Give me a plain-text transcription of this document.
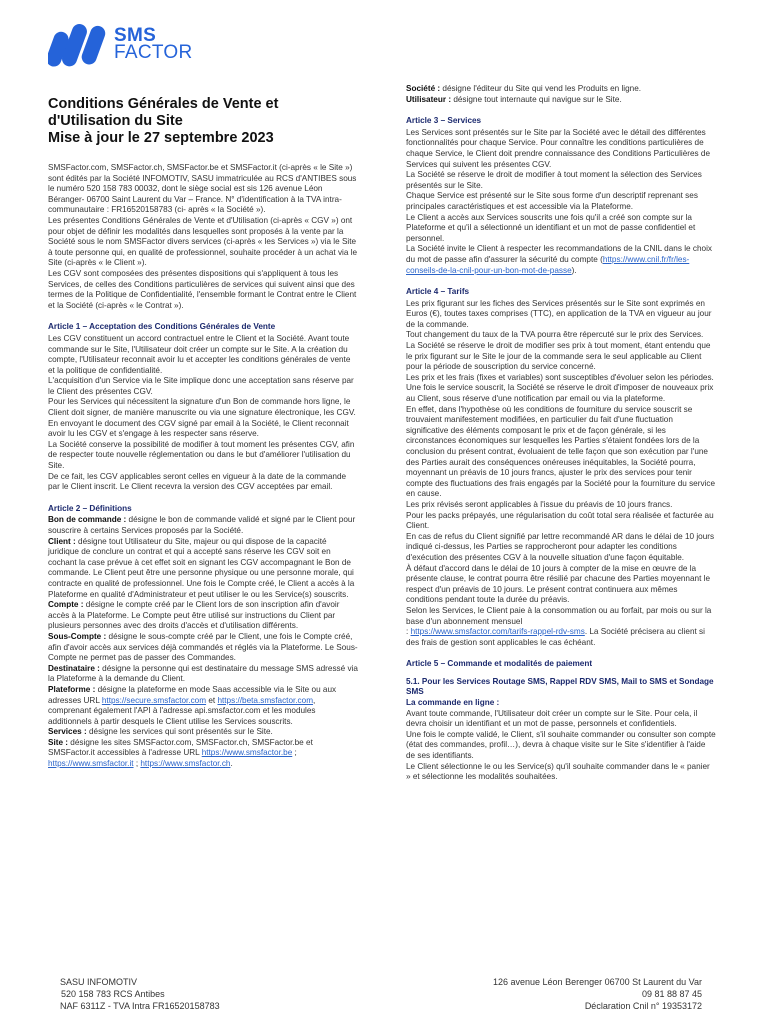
SMS
FACTOR
Conditions Générales de Vente et d'Utilisation du Site
Mise à jour le 27 septembre 2023

SMSFactor.com, SMSFactor.ch, SMSFactor.be et SMSFactor.it (ci-après « le Site ») sont édités par la Société INFOMOTIV, SASU immatriculée au RCS d'ANTIBES sous le numéro 520 158 783 00032, dont le siège social est sis 126 avenue Léon Béranger- 06700 Saint Laurent du Var – France. N° d'identification à la TVA intra-communautaire : FR16520158783 (ci- après « la Société »).

Les présentes Conditions Générales de Vente et d'Utilisation (ci-après « CGV ») ont pour objet de définir les modalités dans lesquelles sont proposés à la vente par la Société sous le nom SMSFactor divers services (ci-après « les Services ») via le Site à toute personne qui, en qualité de professionnel, souhaite procéder à un achat via le Site (ci-après « le Client »).

Les CGV sont composées des présentes dispositions qui s'appliquent à tous les Services, de celles des Conditions particulières de services qui suivent ainsi que des termes de la Politique de Confidentialité, l'ensemble formant le Contrat entre le Client et la Société (ci-après « le Contrat »).

Article 1 – Acceptation des Conditions Générales de Vente

Les CGV constituent un accord contractuel entre le Client et la Société. Avant toute commande sur le Site, l'Utilisateur doit créer un compte sur le Site. A la création du compte, l'Utilisateur reconnait avoir lu et accepter les conditions générales de vente et la politique de confidentialité.

L'acquisition d'un Service via le Site implique donc une acceptation sans réserve par le Client des présentes CGV.

Pour les Services qui nécessitent la signature d'un Bon de commande hors ligne, le Client doit signer, de manière manuscrite ou via une signature électronique, les CGV. En envoyant le document des CGV signé par email à la Société, le Client reconnait avoir lu les CGV et s'engage à les respecter sans réserve.

La Société conserve la possibilité de modifier à tout moment les présentes CGV, afin de respecter toute nouvelle réglementation ou dans le but d'améliorer l'utilisation du Site.

De ce fait, les CGV applicables seront celles en vigueur à la date de la commande par le Client inscrit. Le Client recevra la version des CGV acceptées par email.

Article 2 – Définitions

Bon de commande : désigne le bon de commande validé et signé par le Client pour souscrire à certains Services proposés par la Société.

Client : désigne tout Utilisateur du Site, majeur ou qui dispose de la capacité juridique de conclure un contrat et qui a accepté sans réserve les CGV soit en cochant la case prévue à cet effet soit en signant les CGV accompagnant le Bon de commande. Le Client peut être une personne physique ou une personne morale, qui contracte en qualité de professionnel. Une fois le Compte créé, le Client a accès à la Plateforme en qualité d'Administrateur et peut utiliser le ou les Service(s) souscrits.

Compte : désigne le compte créé par le Client lors de son inscription afin d'avoir accès à la Plateforme. Le Compte peut être utilisé sur instructions du Client par plusieurs personnes avec des droits d'accès et d'utilisation différents.

Sous-Compte : désigne le sous-compte créé par le Client, une fois le Compte créé, afin d'avoir accès aux services déjà commandés et réglés via la Plateforme. Le Sous-Compte ne permet pas de passer des Commandes.

Destinataire : désigne la personne qui est destinataire du message SMS adressé via la Plateforme à la demande du Client.

Plateforme : désigne la plateforme en mode Saas accessible via le Site ou aux adresses URL https://secure.smsfactor.com et https://beta.smsfactor.com, comprenant également l'API à l'adresse api.smsfactor.com et les modules additionnels à partir desquels le Client utilise les Services souscrits.

Services : désigne les services qui sont présentés sur le Site.

Site : désigne les sites SMSFactor.com, SMSFactor.ch, SMSFactor.be et SMSFactor.it accessibles à l'adresse URL https://www.smsfactor.be ; https://www.smsfactor.it ; https://www.smsfactor.ch.

Société : désigne l'éditeur du Site qui vend les Produits en ligne.

Utilisateur : désigne tout internaute qui navigue sur le Site.

Article 3 – Services

Les Services sont présentés sur le Site par la Société avec le détail des différentes fonctionnalités pour chaque Service. Pour connaître les conditions particulières de chaque Service, le Client doit prendre connaissance des Conditions Particulières de Services qui suivent les présentes CGV.

La Société se réserve le droit de modifier à tout moment la sélection des Services présentés sur le Site.

Chaque Service est présenté sur le Site sous forme d'un descriptif reprenant ses principales caractéristiques et est accessible via la Plateforme.

Le Client a accès aux Services souscrits une fois qu'il a créé son compte sur la Plateforme et qu'il a sélectionné un identifiant et un mot de passe confidentiel et personnel.

La Société invite le Client à respecter les recommandations de la CNIL dans le choix du mot de passe afin d'assurer la sécurité du compte (https://www.cnil.fr/fr/les-conseils-de-la-cnil-pour-un-bon-mot-de-passe).

Article 4 – Tarifs

Les prix figurant sur les fiches des Services présentés sur le Site sont exprimés en Euros (€), toutes taxes comprises (TTC), en application de la TVA en vigueur au jour de la commande.

Tout changement du taux de la TVA pourra être répercuté sur le prix des Services.

La Société se réserve le droit de modifier ses prix à tout moment, étant entendu que le prix figurant sur le Site le jour de la commande sera le seul applicable au Client pour la période de souscription du service concerné.

Les prix et les frais (fixes et variables) sont susceptibles d'évoluer selon les périodes.

Une fois le service souscrit, la Société se réserve le droit d'imposer de nouveaux prix au Client, sous réserve d'une notification par email ou via la plateforme.

En effet, dans l'hypothèse où les conditions de fourniture du service souscrit se trouvaient manifestement modifiées, en particulier du fait d'une fluctuation significative des éléments composant le prix et de façon générale, si les circonstances économiques sur lesquelles les Parties s'étaient fondées lors de la conclusion du présent contrat, évoluaient de telle façon que son exécution par l'une des Parties aurait des conséquences onéreuses inéquitables, la Société pourra, moyennant un préavis de 10 jours francs, ajuster le prix des services pour tenir compte des fluctuations des frais engagés par la Société pour la fourniture du service en cause.

Les prix révisés seront applicables à l'issue du préavis de 10 jours francs.

Pour les packs prépayés, une régularisation du coût total sera réalisée et facturée au Client.

En cas de refus du Client signifié par lettre recommandé AR dans le délai de 10 jours indiqué ci-dessus, les Parties se rapprocheront pour adapter les conditions d'exécution des présentes CGV à la nouvelle situation d'une façon équitable.

À défaut d'accord dans le délai de 10 jours à compter de la mise en œuvre de la présente clause, le contrat pourra être résilié par chacune des Parties moyennant le respect d'un préavis de 10 jours. Le présent contrat continuera aux mêmes conditions pendant toute la durée du préavis.

Selon les Services, le Client paie à la consommation ou au forfait, par mois ou sur la base d'un abonnement mensuel

: https://www.smsfactor.com/tarifs-rappel-rdv-sms. La Société précisera au client si des frais de gestion sont applicables le cas échéant.

Article 5 – Commande et modalités de paiement

5.1. Pour les Services Routage SMS, Rappel RDV SMS, Mail to SMS et Sondage SMS

La commande en ligne :

Avant toute commande, l'Utilisateur doit créer un compte sur le Site. Pour cela, il devra choisir un identifiant et un mot de passe, personnels et confidentiels.

Une fois le compte validé, le Client, s'il souhaite commander ou consulter son compte (état des commandes, profil…), devra à chaque visite sur le Site s'identifier à l'aide de ses identifiants.

Le Client sélectionne le ou les Service(s) qu'il souhaite commander dans le « panier » et sélectionne les modalités souhaitées.

SASU INFOMOTIV
520 158 783 RCS Antibes
NAF 6311Z - TVA Intra FR16520158783
126 avenue Léon Berenger 06700 St Laurent du Var
09 81 88 87 45
Déclaration Cnil n° 19353172
